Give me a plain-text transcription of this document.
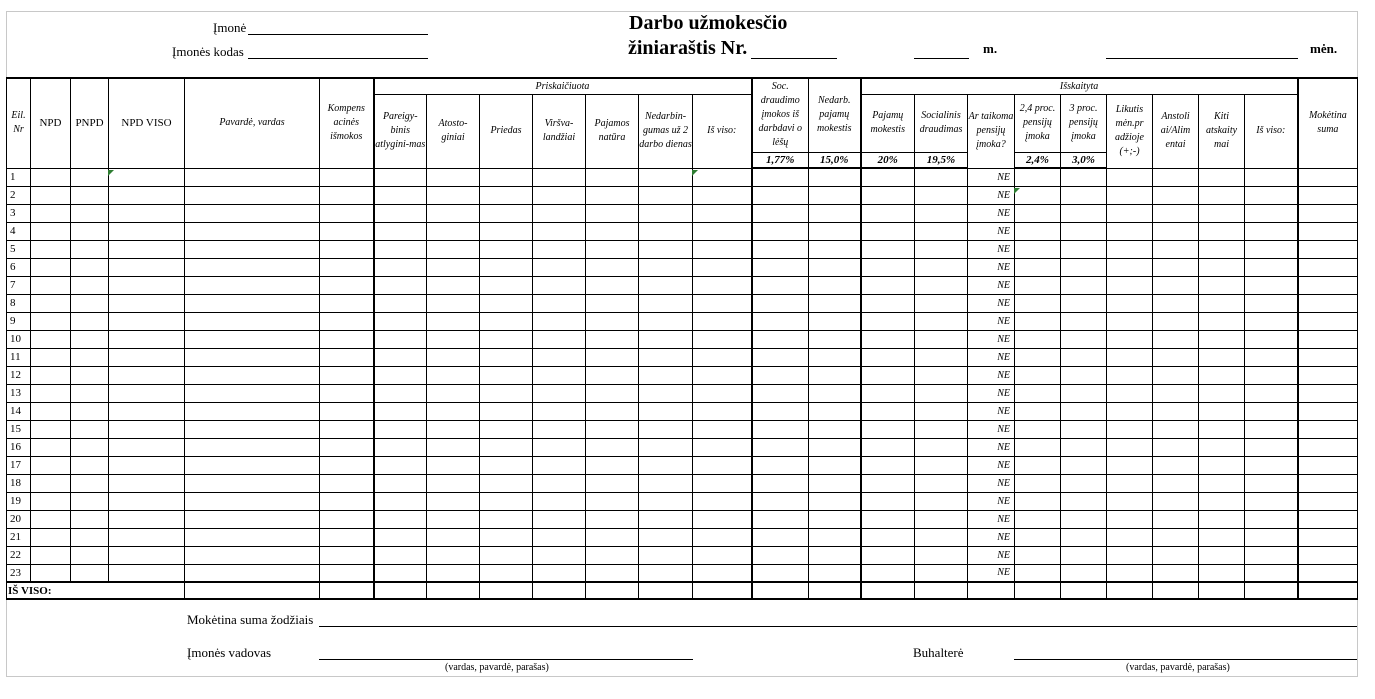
Įmonė
Įmonės kodas
Darbo užmokesčio
žiniaraštis Nr.	m.	mėn.
Eil. Nr	NPD	PNPD	NPD VISO	Pavardė, vardas	Kompens acinės išmokos	Priskaičiuota							Soc. draudimo įmokos iš darbdavi o lėšų	Nedarb. pajamų mokestis	Išskaityta									Mokėtina suma
						Pareigy-binis atlygini-mas	Atosto-giniai	Priedas	Viršva-landžiai	Pajamos natūra	Nedarbin-gumas už 2 darbo dienas	Iš viso:			Pajamų mokestis	Socialinis draudimas	Ar taikoma pensijų įmoka?	2,4 proc. pensijų įmoka	3 proc. pensijų įmoka	Likutis mėn.pr adžioje (+;-)	Anstoli ai/Alim entai	Kiti atskaity mai	Iš viso:	
													1,77%	15,0%	20%	19,5%		2,4%	3,0%					
1																	NE							
2																	NE							
3																	NE							
4																	NE							
5																	NE							
6																	NE							
7																	NE							
8																	NE							
9																	NE							
10																	NE							
11																	NE							
12																	NE							
13																	NE							
14																	NE							
15																	NE							
16																	NE							
17																	NE							
18																	NE							
19																	NE							
20																	NE							
21																	NE							
22																	NE							
23																	NE							
IŠ VISO:																								
Mokėtina suma žodžiais
Įmonės vadovas
(vardas, pavardė, parašas)
Buhalterė
(vardas, pavardė, parašas)
